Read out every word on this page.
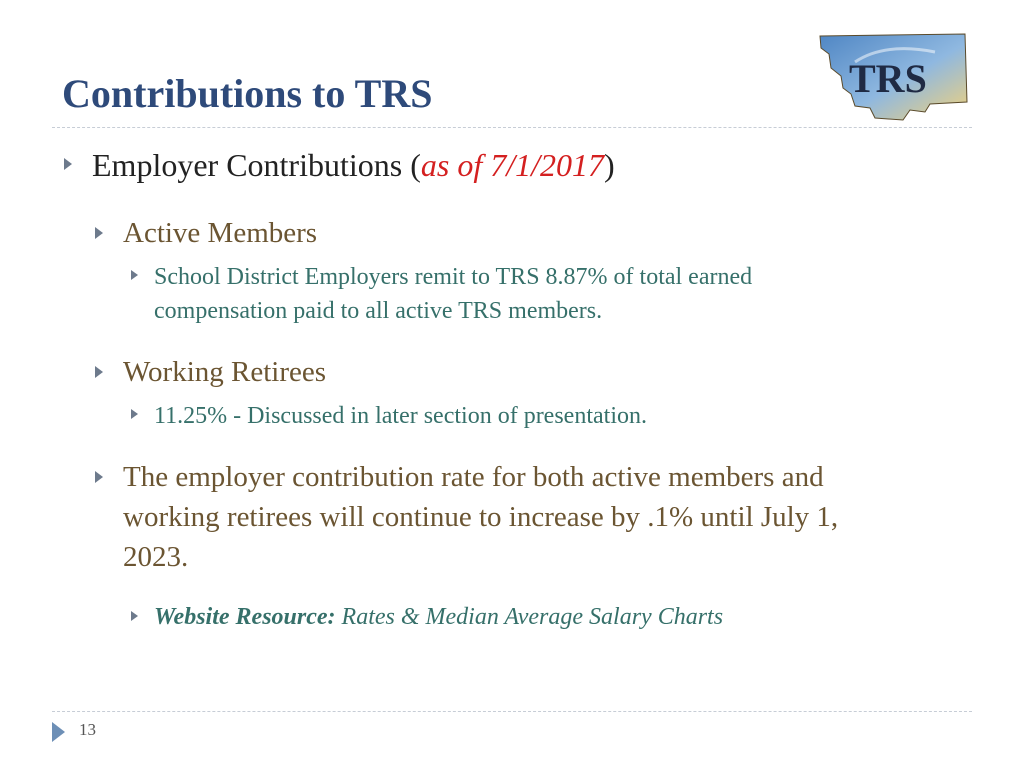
Contributions to TRS	TRS
Employer Contributions (as of 7/1/2017)
Active Members
School District Employers remit to TRS 8.87% of total earned
compensation paid to all active TRS members.
Working Retirees
11.25% - Discussed in later section of presentation.
The employer contribution rate for both active members and
working retirees will continue to increase by .1% until July 1,
2023.
Website Resource: Rates & Median Average Salary Charts
13
